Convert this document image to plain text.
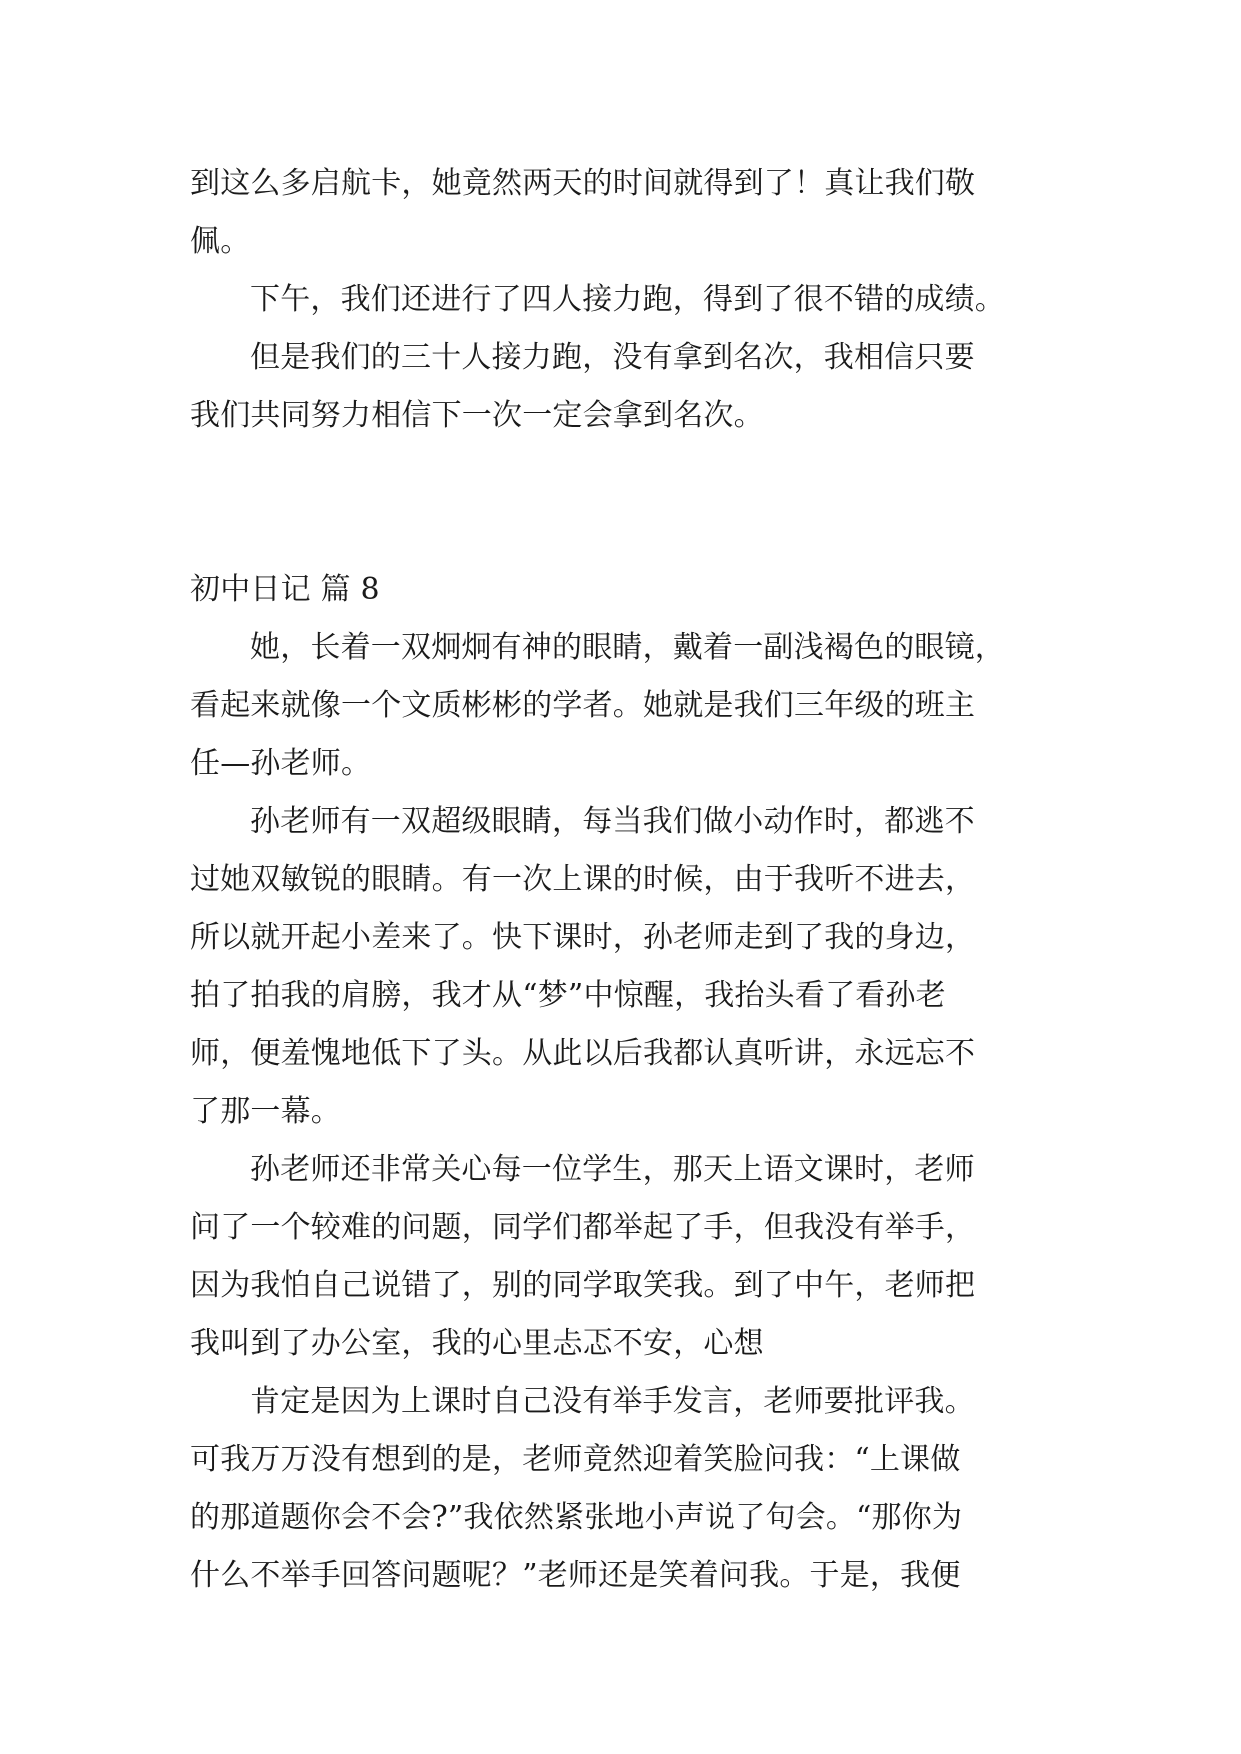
到这么多启航卡，她竟然两天的时间就得到了！真让我们敬
佩。
下午，我们还进行了四人接力跑，得到了很不错的成绩。
但是我们的三十人接力跑，没有拿到名次，我相信只要
我们共同努力相信下一次一定会拿到名次。
初中日记 篇 8
她，长着一双炯炯有神的眼睛，戴着一副浅褐色的眼镜，
看起来就像一个文质彬彬的学者。她就是我们三年级的班主
任—孙老师。
孙老师有一双超级眼睛，每当我们做小动作时，都逃不
过她双敏锐的眼睛。有一次上课的时候，由于我听不进去，
所以就开起小差来了。快下课时，孙老师走到了我的身边，
拍了拍我的肩膀，我才从“梦”中惊醒，我抬头看了看孙老
师，便羞愧地低下了头。从此以后我都认真听讲，永远忘不
了那一幕。
孙老师还非常关心每一位学生，那天上语文课时，老师
问了一个较难的问题，同学们都举起了手，但我没有举手，
因为我怕自己说错了，别的同学取笑我。到了中午，老师把
我叫到了办公室，我的心里忐忑不安，心想
肯定是因为上课时自己没有举手发言，老师要批评我。
可我万万没有想到的是，老师竟然迎着笑脸问我：“上课做
的那道题你会不会?”我依然紧张地小声说了句会。“那你为
什么不举手回答问题呢？”老师还是笑着问我。于是，我便
